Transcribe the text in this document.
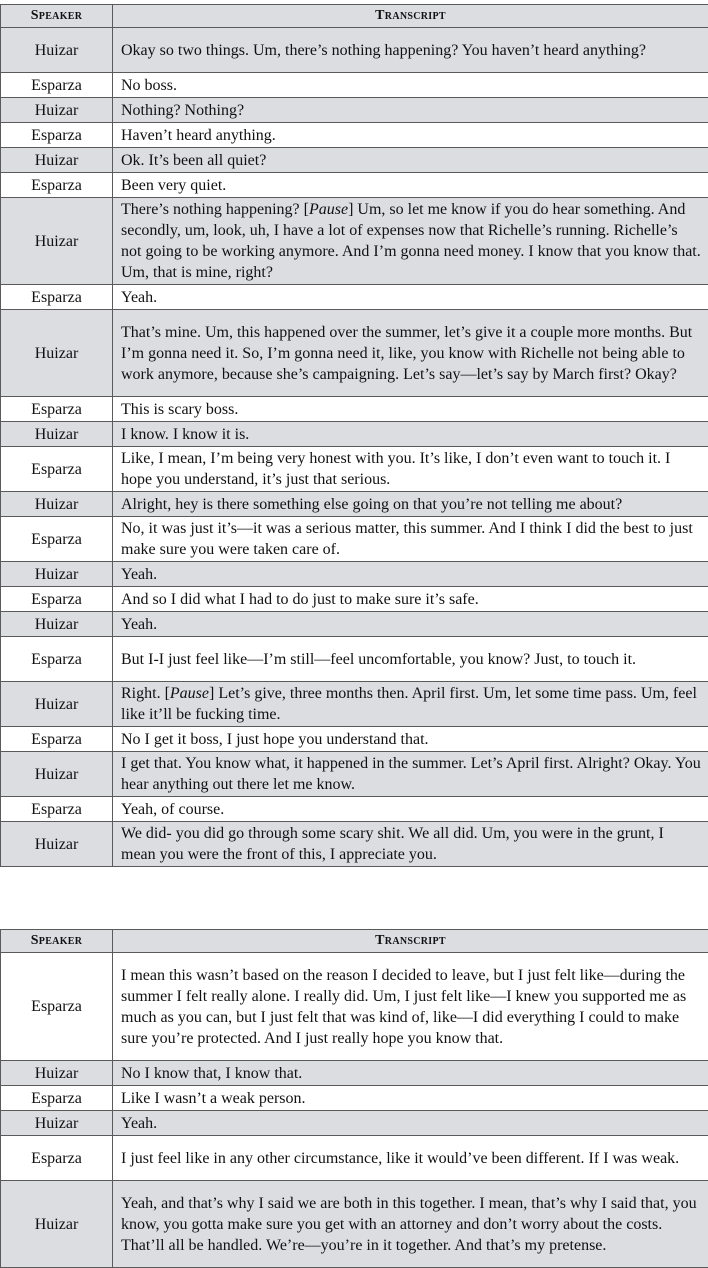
Speaker	Transcript
Huizar	Okay so two things. Um, there’s nothing happening? You haven’t heard anything?
Esparza	No boss.
Huizar	Nothing? Nothing?
Esparza	Haven’t heard anything.
Huizar	Ok. It’s been all quiet?
Esparza	Been very quiet.
Huizar	There’s nothing happening? [Pause] Um, so let me know if you do hear something. And secondly, um, look, uh, I have a lot of expenses now that Richelle’s running. Richelle’s not going to be working anymore. And I’m gonna need money. I know that you know that. Um, that is mine, right?
Esparza	Yeah.
Huizar	That’s mine. Um, this happened over the summer, let’s give it a couple more months. But I’m gonna need it. So, I’m gonna need it, like, you know with Richelle not being able to work anymore, because she’s campaigning. Let’s say—let’s say by March first? Okay?
Esparza	This is scary boss.
Huizar	I know. I know it is.
Esparza	Like, I mean, I’m being very honest with you. It’s like, I don’t even want to touch it. I hope you understand, it’s just that serious.
Huizar	Alright, hey is there something else going on that you’re not telling me about?
Esparza	No, it was just it’s—it was a serious matter, this summer. And I think I did the best to just make sure you were taken care of.
Huizar	Yeah.
Esparza	And so I did what I had to do just to make sure it’s safe.
Huizar	Yeah.
Esparza	But I-I just feel like—I’m still—feel uncomfortable, you know? Just, to touch it.
Huizar	Right. [Pause] Let’s give, three months then. April first. Um, let some time pass. Um, feel like it’ll be fucking time.
Esparza	No I get it boss, I just hope you understand that.
Huizar	I get that. You know what, it happened in the summer. Let’s April first. Alright? Okay. You hear anything out there let me know.
Esparza	Yeah, of course.
Huizar	We did- you did go through some scary shit. We all did. Um, you were in the grunt, I mean you were the front of this, I appreciate you.
Speaker	Transcript
Esparza	I mean this wasn’t based on the reason I decided to leave, but I just felt like—during the summer I felt really alone. I really did. Um, I just felt like—I knew you supported me as much as you can, but I just felt that was kind of, like—I did everything I could to make sure you’re protected. And I just really hope you know that.
Huizar	No I know that, I know that.
Esparza	Like I wasn’t a weak person.
Huizar	Yeah.
Esparza	I just feel like in any other circumstance, like it would’ve been different. If I was weak.
Huizar	Yeah, and that’s why I said we are both in this together. I mean, that’s why I said that, you know, you gotta make sure you get with an attorney and don’t worry about the costs. That’ll all be handled. We’re—you’re in it together. And that’s my pretense.
